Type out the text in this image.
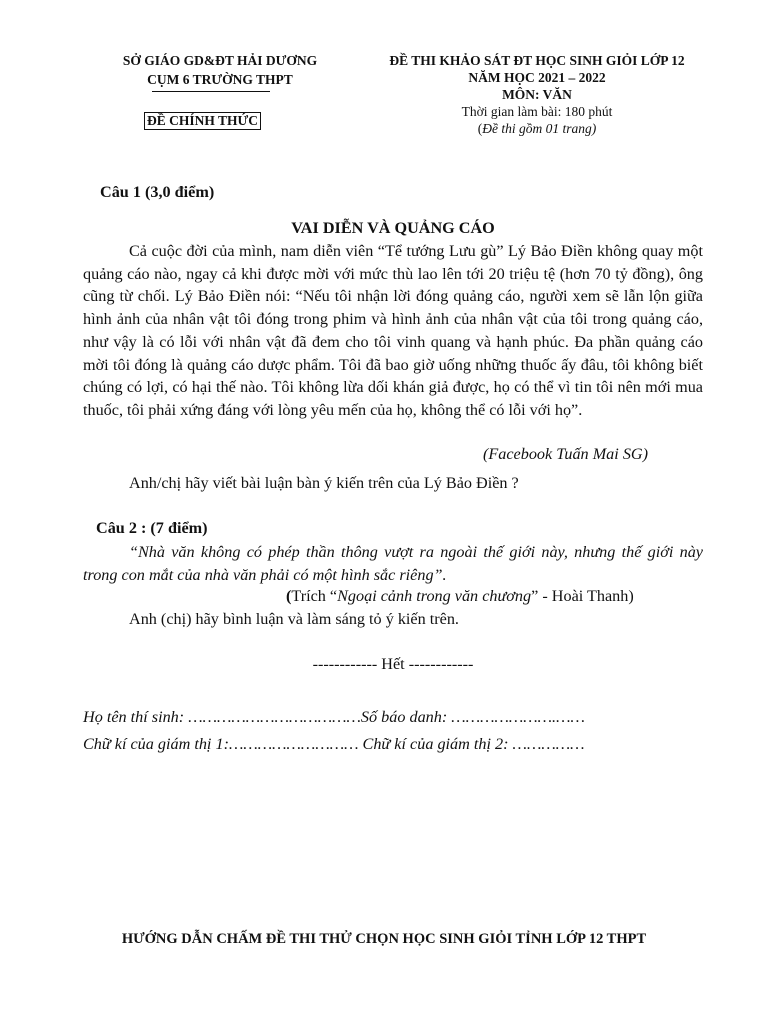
SỞ GIÁO GD&ĐT HẢI DƯƠNG
CỤM 6 TRƯỜNG THPT
ĐỀ CHÍNH THỨC
ĐỀ THI KHẢO SÁT ĐT HỌC SINH GIỎI LỚP 12
NĂM HỌC 2021 – 2022
MÔN: VĂN
Thời gian làm bài: 180 phút
(Đề thi gồm 01 trang)
Câu 1 (3,0 điểm)
VAI DIỄN VÀ QUẢNG CÁO
Cả cuộc đời của mình, nam diễn viên “Tể tướng Lưu gù” Lý Bảo Điền không quay một quảng cáo nào, ngay cả khi được mời với mức thù lao lên tới 20 triệu tệ (hơn 70 tỷ đồng), ông cũng từ chối. Lý Bảo Điền nói: “Nếu tôi nhận lời đóng quảng cáo, người xem sẽ lẫn lộn giữa hình ảnh của nhân vật tôi đóng trong phim và hình ảnh của nhân vật của tôi trong quảng cáo, như vậy là có lỗi với nhân vật đã đem cho tôi vinh quang và hạnh phúc. Đa phần quảng cáo mời tôi đóng là quảng cáo dược phẩm. Tôi đã bao giờ uống những thuốc ấy đâu, tôi không biết chúng có lợi, có hại thế nào. Tôi không lừa dối khán giả được, họ có thể vì tin tôi nên mới mua thuốc, tôi phải xứng đáng với lòng yêu mến của họ, không thể có lỗi với họ”.
(Facebook Tuấn Mai SG)
Anh/chị hãy viết bài luận bàn ý kiến trên của Lý Bảo Điền ?
Câu 2 : (7 điểm)
“Nhà văn không có phép thần thông vượt ra ngoài thế giới này, nhưng thế giới này trong con mắt của nhà văn phải có một hình sắc riêng”.
(Trích “Ngoại cảnh trong văn chương” - Hoài Thanh)
Anh (chị) hãy bình luận và làm sáng tỏ ý kiến trên.
------------ Hết ------------
Họ tên thí sinh: ………………………………Số báo danh: ………………….……
Chữ kí của giám thị 1:……………………… Chữ kí của giám thị 2: ……………
HƯỚNG DẪN CHẤM ĐỀ THI THỬ CHỌN HỌC SINH GIỎI TỈNH LỚP 12 THPT
